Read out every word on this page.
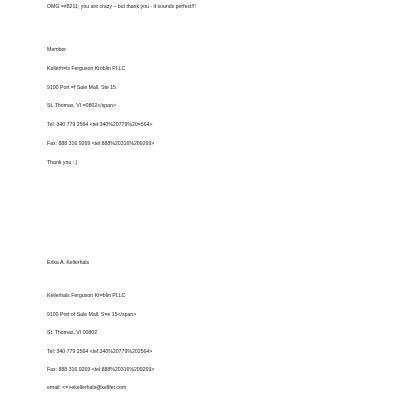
OMG =#8211; you are crazy – but thank you - it sounds perfect!!!
Member
Kellerh=ls Ferguson Kroblin PLLC
9100 Port =f Sale Mall, Ste 15
St. Thomas, VI =0802</span>
Tel: 340 779 2564 <tel:340%20779%20=564>
Fax: 888 316 9269 <tel:888%20316%209269>
Thank you : )
Erika A. Kellerhals
Kellerhals Ferguson Kr=blin PLLC
9100 Port of Sale Mall, S=e 15</span>
St. Thomas, VI 00802
Tel: 340 779 2564 <tel:340%20779%202564>
Fax: 888 316 9269 <tel:888%20316%209269>
email: <=>ekellerhals@kellfer.com
